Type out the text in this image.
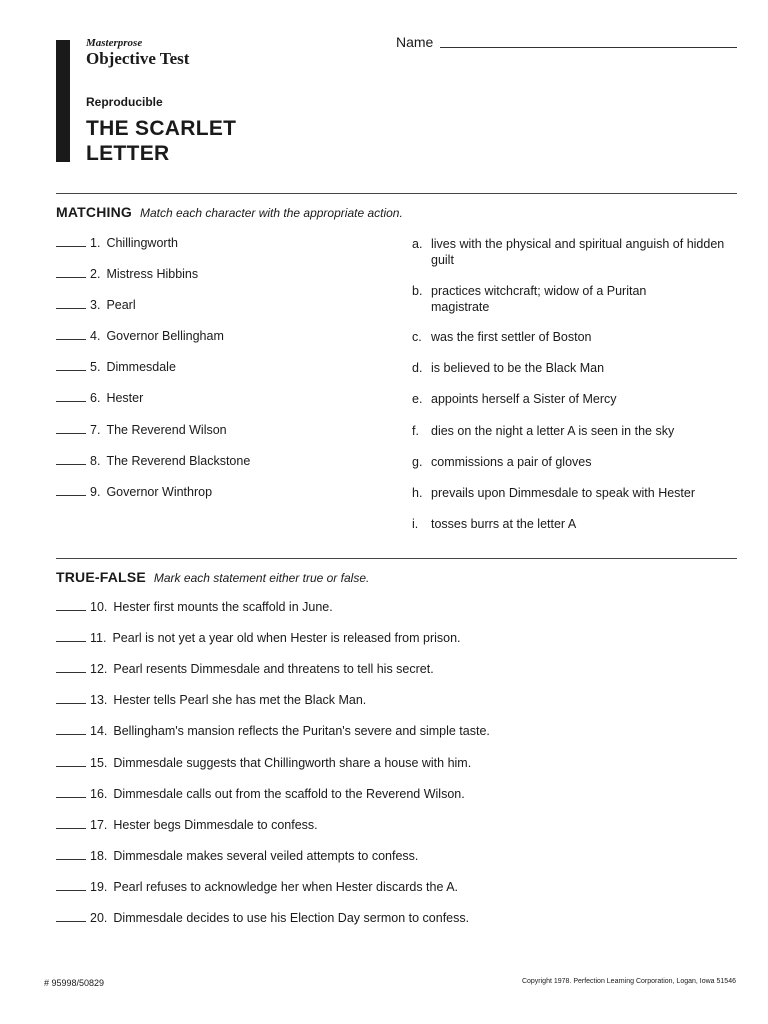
Masterprose
Objective Test
Reproducible
THE SCARLET
LETTER
Name
MATCHING Match each character with the appropriate action.
1. Chillingworth
2. Mistress Hibbins
3. Pearl
4. Governor Bellingham
5. Dimmesdale
6. Hester
7. The Reverend Wilson
8. The Reverend Blackstone
9. Governor Winthrop
a. lives with the physical and spiritual anguish of hidden guilt
b. practices witchcraft; widow of a Puritan magistrate
c. was the first settler of Boston
d. is believed to be the Black Man
e. appoints herself a Sister of Mercy
f. dies on the night a letter A is seen in the sky
g. commissions a pair of gloves
h. prevails upon Dimmesdale to speak with Hester
i.	tosses burrs at the letter A
TRUE-FALSE Mark each statement either true or false.
10. Hester first mounts the scaffold in June.
11. Pearl is not yet a year old when Hester is released from prison.
12. Pearl resents Dimmesdale and threatens to tell his secret.
13. Hester tells Pearl she has met the Black Man.
14. Bellingham's mansion reflects the Puritan's severe and simple taste.
15. Dimmesdale suggests that Chillingworth share a house with him.
16. Dimmesdale calls out from the scaffold to the Reverend Wilson.
17. Hester begs Dimmesdale to confess.
18. Dimmesdale makes several veiled attempts to confess.
19. Pearl refuses to acknowledge her when Hester discards the A.
20. Dimmesdale decides to use his Election Day sermon to confess.
# 95998/50829	Copyright 1978. Perfection Learning Corporation, Logan, Iowa 51546
